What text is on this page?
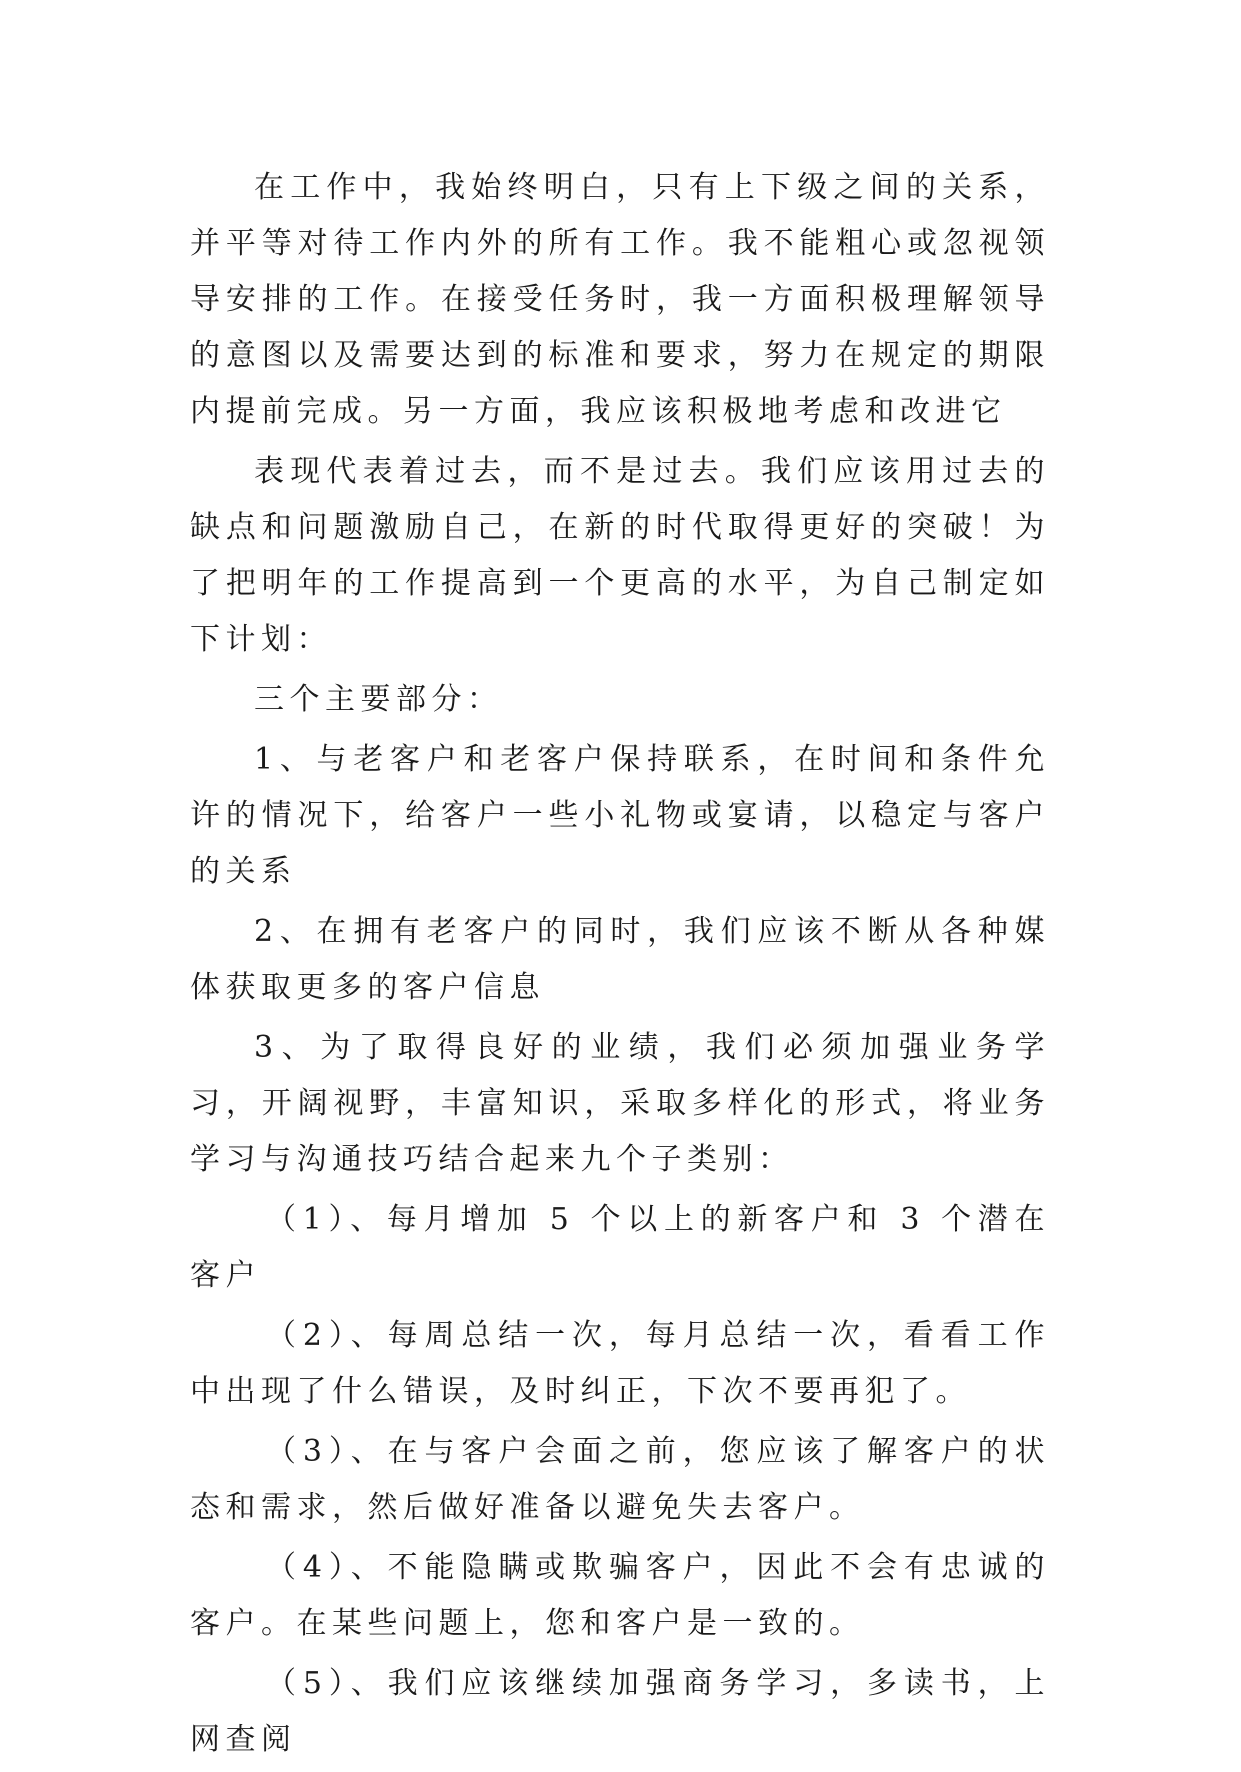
在工作中，我始终明白，只有上下级之间的关系，并平等对待工作内外的所有工作。我不能粗心或忽视领导安排的工作。在接受任务时，我一方面积极理解领导的意图以及需要达到的标准和要求，努力在规定的期限内提前完成。另一方面，我应该积极地考虑和改进它

表现代表着过去，而不是过去。我们应该用过去的缺点和问题激励自己，在新的时代取得更好的突破！为了把明年的工作提高到一个更高的水平，为自己制定如下计划：

三个主要部分：

1、与老客户和老客户保持联系，在时间和条件允许的情况下，给客户一些小礼物或宴请，以稳定与客户的关系

2、在拥有老客户的同时，我们应该不断从各种媒体获取更多的客户信息

3、为了取得良好的业绩，我们必须加强业务学习，开阔视野，丰富知识，采取多样化的形式，将业务学习与沟通技巧结合起来九个子类别：

（1）、每月增加 5 个以上的新客户和 3 个潜在客户

（2）、每周总结一次，每月总结一次，看看工作中出现了什么错误，及时纠正，下次不要再犯了。

（3）、在与客户会面之前，您应该了解客户的状态和需求，然后做好准备以避免失去客户。

（4）、不能隐瞒或欺骗客户，因此不会有忠诚的客户。在某些问题上，您和客户是一致的。

（5）、我们应该继续加强商务学习，多读书，上网查阅
